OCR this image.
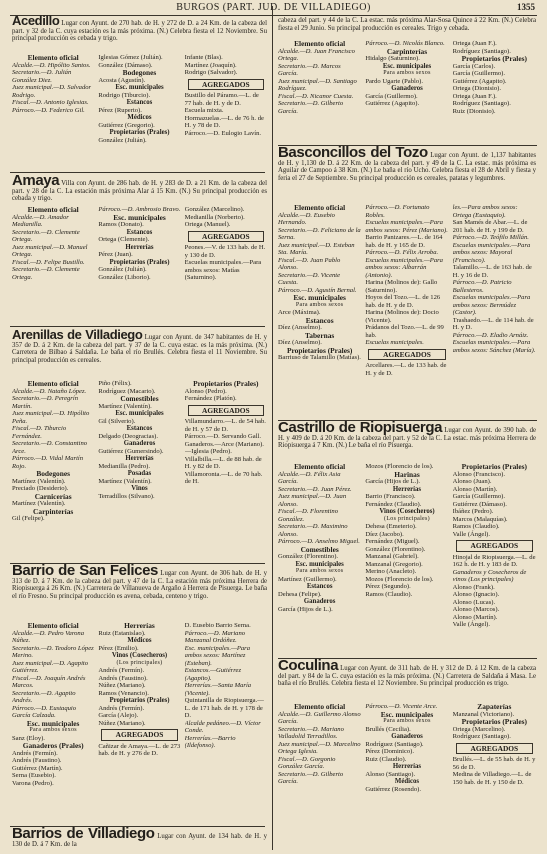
BURGOS (PART. JUD. DE VILLADIEGO)	1355

Acedillo Lugar con Ayunt. de 270 hab. de H. y 272 de D. a 24 Km. de la cabeza del part. y 32 de la C. cuya estación es la más próxima. (N.) Celebra fiesta el 12 Noviembre. Su principal producción es cebada y trigo.

Elemento oficial
Alcalde.—D. Hipólito Santos.
Secretario.—D. Julián González Diez.
Juez municipal.—D. Salvador Rodrigo.
Fiscal.—D. Antonio Iglesias.
Párroco.—D. Federico Gil.
Iglesias Gómez (Julián).
González (Dámaso).
Bodegones
Acosta (Agustín).
Esc. municipales
Rodrigo (Tiburcio).
Estancos
Pérez (Ruperto).
Médicos
Gutiérrez (Gregorio).
Propietarios (Prales)
González (Julián).
Infante (Blas).
Martínez (Joaquín).
Rodrigo (Salvador).
AGREGADOS
Bustillo del Páramo.—L. de 77 hab. de H. y de D.
Escuela mixta.
Hormazuelas.—L. de 76 h. de H. y 78 de D.
Párroco.—D. Eulogio Lavín.

Amaya Villa con Ayunt. de 286 hab. de H. y 283 de D. a 21 Km. de la cabeza del part. y 28 de la C. La estación más próxima Alar á 15 Km. (N.) Su principal producción es cebada y trigo.

Elemento oficial
Alcalde.—D. Amador Medianilla.
Secretario.—D. Clemente Ortega.
Juez municipal.—D. Manuel Ortega.
Fiscal.—D. Felipe Bustillo.
Secretario.—D. Clemente Ortega.
Párroco.—D. Ambrosio Bravo.
Esc. municipales
Ramos (Donato).
Estancos
Ortega (Clemente).
Herrerías
Pérez (Juan).
Propietarios (Prales)
González (Julián).
González (Liborio).
González (Marcelino).
Medianilla (Norberto).
Ortega (Manuel).
AGREGADOS
Peones.—V. de 133 hab. de H. y 130 de D.
Escuelas municipales.—Para ambos sexos: Matías (Saturnino).

Arenillas de Villadiego Lugar con Ayunt. de 347 habitantes de H. y 357 de D. á 2 Km. de la cabeza del part. y 37 de la C. cuya estac. es la más próxima. (N.) Carretera de Bilbao á Saldaña. Le baña el río Brullés. Celebra fiesta el 11 Noviembre. Su principal producción es cereales.

Elemento oficial
Alcalde.—D. Nataño López.
Secretario.—D. Peregrín Martín.
Juez municipal.—D. Hipólito Peña.
Fiscal.—D. Tiburcio Fernández.
Secretario.—D. Constantino Arce.
Párroco.—D. Vidal Martín Rojo.
Bodegones
Martínez (Valentín).
Preciado (Desiderio).
Carnicerías
Martínez (Valentín).
Carpinterías
Gil (Felipe).
Piño (Félix).
Rodríguez (Macario).
Comestibles
Martínez (Valentín).
Esc. municipales
Gil (Silverio).
Estancos
Delgado (Deogracias).
Ganaderos
Gutiérrez (Gumersindo).
Herrerías
Medianilla (Pedro).
Posadas
Martínez (Valentín).
Vinos
Terradillos (Silvano).
Propietarios (Prales)
Alonso (Pedro).
Fernández (Platón).
AGREGADOS
Villamundarro.—L. de 54 hab. de H. y 57 de D.
Párroco.—D. Servando Gall.
Ganaderos.—Arce (Mariano).—Iglesia (Pedro).
Villalbilla.—L. de 88 hab. de H. y 82 de D.
Villamoronta.—L. de 70 hab. de H.

Barrio de San Felices Lugar con Ayunt. de 306 hab. de H. y 313 de D. á 7 Km. de la cabeza del part. y 47 de la C. La estación más próxima Herrera de Riopisuerga á 26 Km. (N.) Carretera de Villanueva de Argaño á Herrera de Pisuerga. Le baña el río Fresno. Su principal producción es avena, cebada, centeno y trigo.

Elemento oficial
Alcalde.—D. Pedro Varona Núñez.
Secretario.—D. Teodoro López Merino.
Juez municipal.—D. Agapito Gutiérrez.
Fiscal.—D. Joaquín Andrés Marcos.
Secretario.—D. Agapito Andrés.
Párroco.—D. Eustaquio García Calzada.
Esc. municipales
Para ambos sexos
Sanz (Eloy).
Ganaderos (Prales)
Andrés (Fermín).
Andrés (Faustino).
Gutiérrez (Martín).
Serna (Eusebio).
Varona (Pedro).
Herrerías
Ruiz (Estanislao).
Médicos
Pérez (Emilio).
Vinos (Cosecheros)
(Los principales)
Andrés (Fermín).
Andrés (Faustino).
Núñez (Mariano).
Ramos (Venancio).
Propietarios (Prales)
Andrés (Fermín).
García (Alejo).
Núñez (Mariano).
AGREGADOS
Cañizar de Amaya.—L. de 273 hab. de H. y 276 de D.
D. Eusebio Barrio Serna.
Párroco.—D. Mariano Manzanal Ordóñez.
Esc. municipales.—Para ambos sexos: Martínez (Esteban).
Estancos.—Gutiérrez (Agapito).
Herrerías.—Santa María (Vicente).
Quintanilla de Riopisuerga.—L. de 171 hab. de H. y 178 de D.
Alcalde pedáneo.—D. Víctor Conde.
Herrerías.—Barrio (Ildefonso).

Barrios de Villadiego Lugar con Ayunt. de 134 hab. de H. y 130 de D. á 7 Km. de la

cabeza del part. y 44 de la C. La estac. más próxima Alar-Sosa Quince á 22 Km. (N.) Celebra fiesta el 29 Junio. Su principal producción es cereales. Trigo y cebada.

Elemento oficial
Alcalde.—D. Juan Francisco Ortega.
Secretario.—D. Marcos García.
Juez municipal.—D. Santiago Rodríguez.
Fiscal.—D. Nicanor Cuesta.
Secretario.—D. Gilberto García.
Párroco.—D. Nicolás Blanco.
Carpinterías
Hidalgo (Saturnino).
Esc. municipales
Para ambos sexos
Pardo Ugarte (Pablo).
Ganaderos
García (Guillermo).
Gutiérrez (Agapito).
Ortega (Juan F.).
Rodríguez (Santiago).
Propietarios (Prales)
García (Carlos).
García (Guillermo).
Gutiérrez (Agapito).
Ortega (Dionisio).
Ortega (Juan F.).
Rodríguez (Santiago).
Ruiz (Dionisio).

Basconcillos del Tozo Lugar con Ayunt. de 1,137 habitantes de H. y 1,130 de D. á 22 Km. de la cabeza del part. y 49 de la C. La estac. más próxima es Aguilar de Campoo á 38 Km. (N.) Le baña el río Ucho. Celebra fiesta el 28 de Abril y fiesta y feria el 27 de Septiembre. Su principal producción es cereales, patatas y legumbres.

Elemento oficial
Alcalde.—D. Eusebio Hernando.
Secretario.—D. Feliciano de la Serna.
Juez municipal.—D. Esteban Sta. María.
Fiscal.—D. Juan Pablo Alonso.
Secretario.—D. Vicente Cuesta.
Párroco.—D. Agustín Bernal.
Esc. municipales
Para ambos sexos
Arce (Máxima).
Estancos
Díez (Anselmo).
Tabernas
Díez (Anselmo).
Propietarios (Prales)
Barriuso de Talamillo (Matías).
Párroco.—D. Fortunato Robles.
Escuelas municipales.—Para ambos sexos: Pérez (Mariano).
Barrio Panizares.—L. de 164 hab. de H. y 165 de D.
Párroco.—D. Félix Arroba.
Escuelas municipales.—Para ambos sexos: Albarrán (Antonio).
Harina (Molinos de): Gallo (Saturnino).
Hoyos del Tozo.—L. de 126 hab. de H. y de D.
Harina (Molinos de): Docio (Vicente).
Prádanos del Tozo.—L. de 99 hab.
Escuelas municipales.
AGREGADOS
Arcellares.—L. de 133 hab. de H. y de D.
les.—Para ambos sexos: Ortega (Eustaquio).
San Mamés de Abar.—L. de 201 hab. de H. y 199 de D.
Párroco.—D. Teófilo Millán.
Escuelas municipales.—Para ambos sexos: Mayoral (Francisco).
Talamillo.—L. de 163 hab. de H. y 16 de D.
Párroco.—D. Patricio Ballesteros.
Escuelas municipales.—Para ambos sexos: Bermúdez (Castor).
Trashaedo.—L. de 114 hab. de H. y D.
Párroco.—D. Eladio Arnáiz.
Escuelas municipales.—Para ambos sexos: Sánchez (María).

Castrillo de Riopisuerga Lugar con Ayunt. de 390 hab. de H. y 409 de D. á 20 Km. de la cabeza del part. y 52 de la C. La estac. más próxima Herrera de Riopisuerga á 7 Km. (N.) Le baña el río Pisuerga.

Elemento oficial
Alcalde.—D. Félix Asia García.
Secretario.—D. Juan Pérez.
Juez municipal.—D. Juan Alonso.
Fiscal.—D. Florentino González.
Secretario.—D. Maximino Alonso.
Párroco.—D. Anselmo Miguel.
Comestibles
González (Florentino).
Esc. municipales
Para ambos sexos
Martínez (Guillermo).
Estancos
Dehesa (Felipe).
Ganaderos
García (Hijos de L.).
Mozos (Florencio de los).
Harinas
García (Hijos de L.).
Herrerías
Barrio (Francisco).
Fernández (Claudio).
Vinos (Cosecheros)
(Los principales)
Dehesa (Emeterio).
Díez (Jacobo).
Fernández (Miguel).
González (Florentino).
Manzanal (Gabriel).
Manzanal (Gregorio).
Merino (Anacleto).
Mozos (Florencio de los).
Pérez (Segundo).
Ramos (Claudio).
Propietarios (Prales)
Alonso (Francisco).
Alonso (Juan).
Alonso (Martín).
García (Guillermo).
Gutiérrez (Dámaso).
Ibáñez (Pedro).
Marcos (Malaquías).
Ramos (Claudio).
Valle (Ángel).
AGREGADOS
Hinojal de Riopisuerga.—L. de 162 h. de H. y 183 de D.
Ganaderos y Cosecheros de vinos (Los principales)
Alonso (Frank).
Alonso (Ignacio).
Alonso (Lucas).
Alonso (Marcos).
Alonso (Martín).
Valle (Ángel).

Coculina Lugar con Ayunt. de 311 hab. de H. y 312 de D. á 12 Km. de la cabeza del part. y 84 de la C. cuya estación es la más próxima. (N.) Carretera de Saldaña á Masa. Le baña el río Brullés. Celebra fiesta el 12 Noviembre. Su principal producción es trigo.

Elemento oficial
Alcalde.—D. Guillermo Alonso García.
Secretario.—D. Mariano Valladolid Terradillos.
Juez municipal.—D. Marcelino Ortega Iglesia.
Fiscal.—D. Gorgonio González García.
Secretario.—D. Gilberto García.
Párroco.—D. Vicente Arce.
Esc. municipales
Para ambos sexos
Brullés (Cecilia).
Ganaderos
Rodríguez (Santiago).
Pérez (Dominico).
Ruiz (Claudio).
Herrerías
Alonso (Santiago).
Médicos
Gutiérrez (Rosendo).
Zapaterías
Manzanal (Victoriano).
Propietarios (Prales)
Ortega (Marcelino).
Rodríguez (Santiago).
AGREGADOS
Brullés.—L. de 55 hab. de H. y 56 de D.
Medina de Villadiego.—L. de 150 hab. de H. y 150 de D.
